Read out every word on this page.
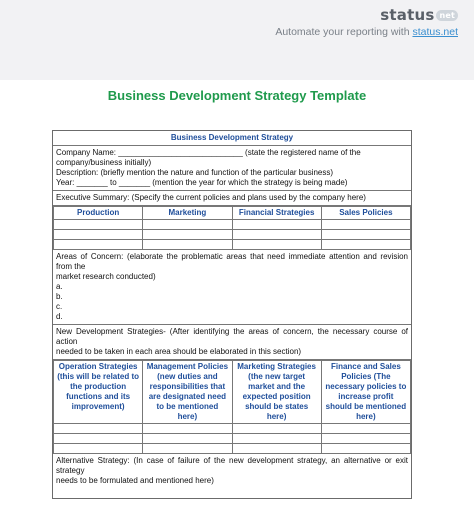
status net
Automate your reporting with status.net
Business Development Strategy Template
Business Development Strategy
Company Name: ____________________________ (state the registered name of the
company/business initially)
Description: (briefly mention the nature and function of the particular business)
Year: _______ to _______ (mention the year for which the strategy is being made)
Executive Summary: (Specify the current policies and plans used by the company here)
Production	Marketing	Financial Strategies	Sales Policies

Areas of Concern: (elaborate the problematic areas that need immediate attention and revision from the
market research conducted)
a.
b.
c.
d.
New Development Strategies- (After identifying the areas of concern, the necessary course of action
needed to be taken in each area should be elaborated in this section)
Operation Strategies (this will be related to the production functions and its improvement)	Management Policies (new duties and responsibilities that are designated need to be mentioned here)	Marketing Strategies (the new target market and the expected position should be states here)	Finance and Sales Policies (The necessary policies to increase profit should be mentioned here)

Alternative Strategy: (In case of failure of the new development strategy, an alternative or exit strategy
needs to be formulated and mentioned here)
